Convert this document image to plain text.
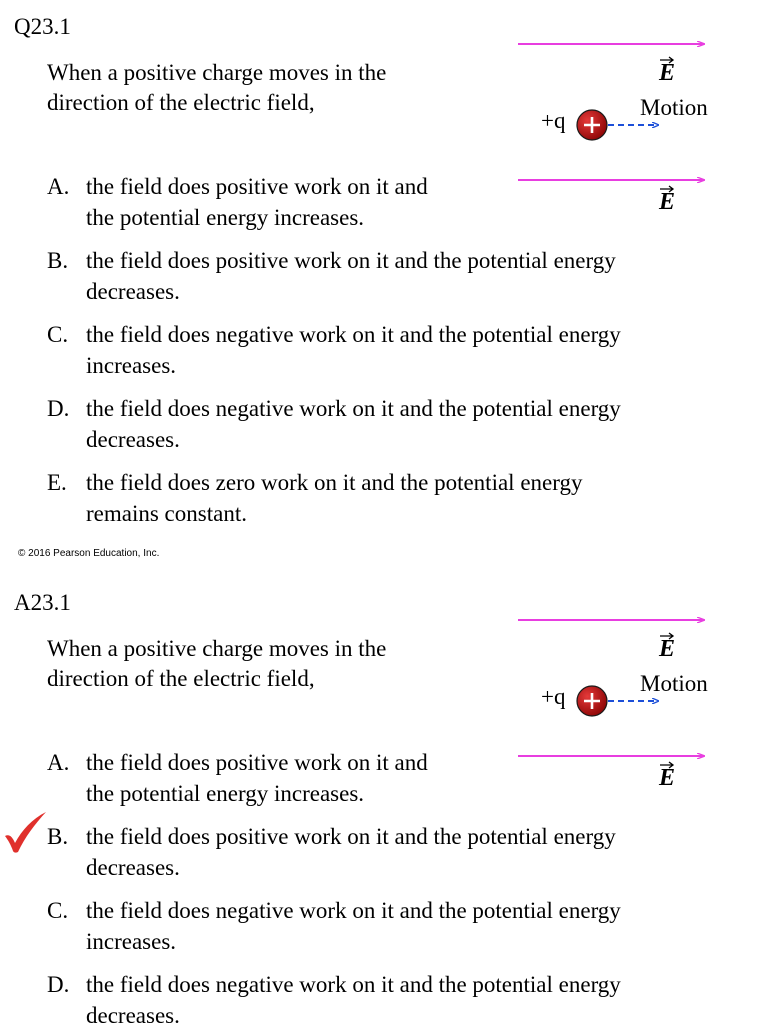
Q23.1
When a positive charge moves in the
direction of the electric field,
E
+q
Motion
E
A. the field does positive work on it and
the potential energy increases.
B. the field does positive work on it and the potential energy
decreases.
C. the field does negative work on it and the potential energy
increases.
D. the field does negative work on it and the potential energy
decreases.
E. the field does zero work on it and the potential energy
remains constant.
© 2016 Pearson Education, Inc.
A23.1
When a positive charge moves in the
direction of the electric field,
E
+q
Motion
E
A. the field does positive work on it and
the potential energy increases.
B. the field does positive work on it and the potential energy
decreases.
C. the field does negative work on it and the potential energy
increases.
D. the field does negative work on it and the potential energy
decreases.
